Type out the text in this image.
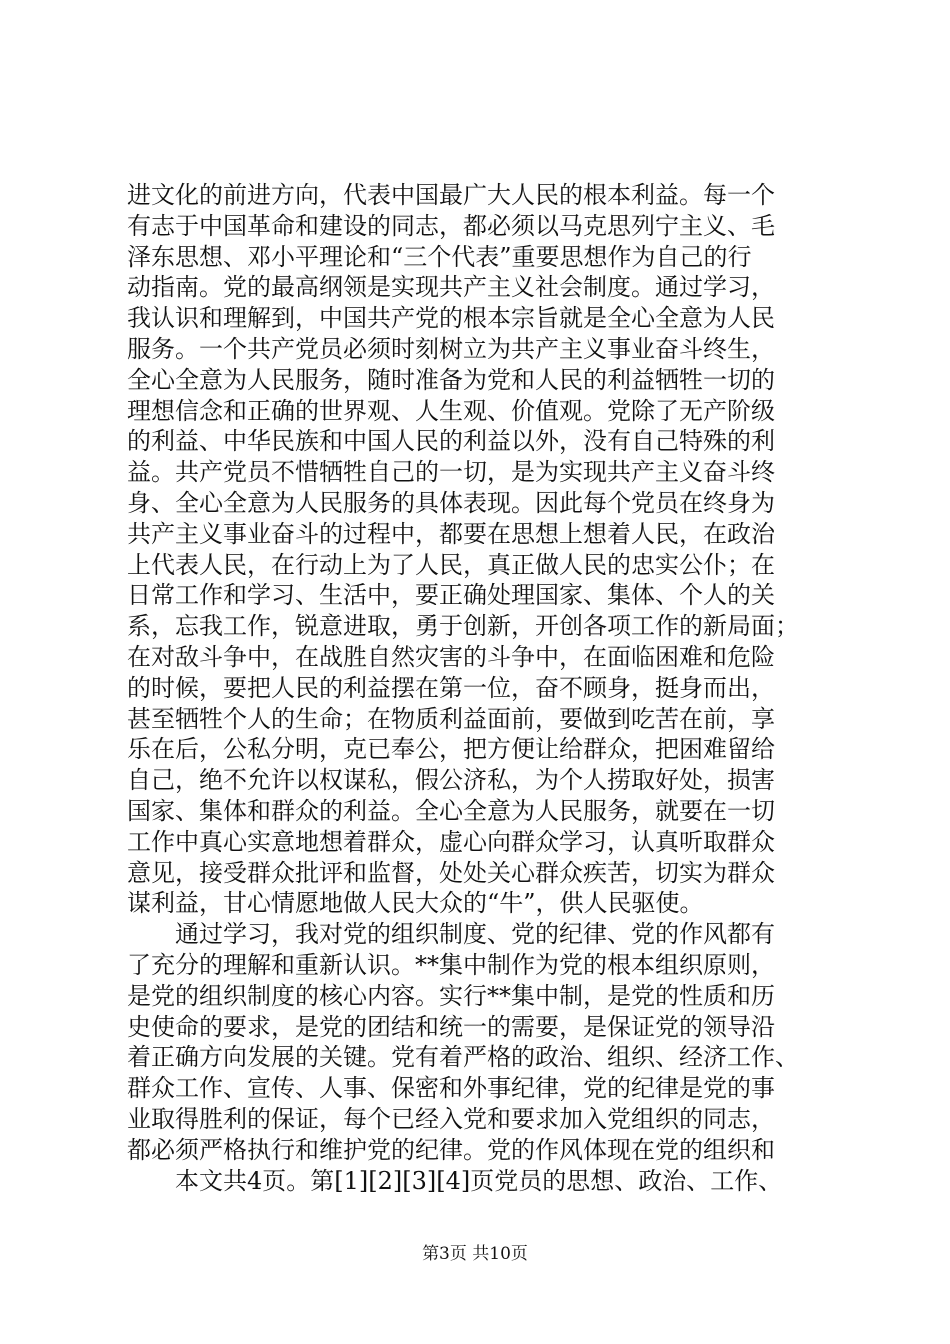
进文化的前进方向，代表中国最广大人民的根本利益。每一个
有志于中国革命和建设的同志，都必须以马克思列宁主义、毛
泽东思想、邓小平理论和“三个代表”重要思想作为自己的行
动指南。党的最高纲领是实现共产主义社会制度。通过学习，
我认识和理解到，中国共产党的根本宗旨就是全心全意为人民
服务。一个共产党员必须时刻树立为共产主义事业奋斗终生，
全心全意为人民服务，随时准备为党和人民的利益牺牲一切的
理想信念和正确的世界观、人生观、价值观。党除了无产阶级
的利益、中华民族和中国人民的利益以外，没有自己特殊的利
益。共产党员不惜牺牲自己的一切，是为实现共产主义奋斗终
身、全心全意为人民服务的具体表现。因此每个党员在终身为
共产主义事业奋斗的过程中，都要在思想上想着人民，在政治
上代表人民，在行动上为了人民，真正做人民的忠实公仆；在
日常工作和学习、生活中，要正确处理国家、集体、个人的关
系，忘我工作，锐意进取，勇于创新，开创各项工作的新局面；
在对敌斗争中，在战胜自然灾害的斗争中，在面临困难和危险
的时候，要把人民的利益摆在第一位，奋不顾身，挺身而出，
甚至牺牲个人的生命；在物质利益面前，要做到吃苦在前，享
乐在后，公私分明，克已奉公，把方便让给群众，把困难留给
自己，绝不允许以权谋私，假公济私，为个人捞取好处，损害
国家、集体和群众的利益。全心全意为人民服务，就要在一切
工作中真心实意地想着群众，虚心向群众学习，认真听取群众
意见，接受群众批评和监督，处处关心群众疾苦，切实为群众
谋利益，甘心情愿地做人民大众的“牛”，供人民驱使。
通过学习，我对党的组织制度、党的纪律、党的作风都有
了充分的理解和重新认识。**集中制作为党的根本组织原则，
是党的组织制度的核心内容。实行**集中制，是党的性质和历
史使命的要求，是党的团结和统一的需要，是保证党的领导沿
着正确方向发展的关键。党有着严格的政治、组织、经济工作、
群众工作、宣传、人事、保密和外事纪律，党的纪律是党的事
业取得胜利的保证，每个已经入党和要求加入党组织的同志，
都必须严格执行和维护党的纪律。党的作风体现在党的组织和
本文共4页。第[1][2][3][4]页党员的思想、政治、工作、
第3页 共10页
